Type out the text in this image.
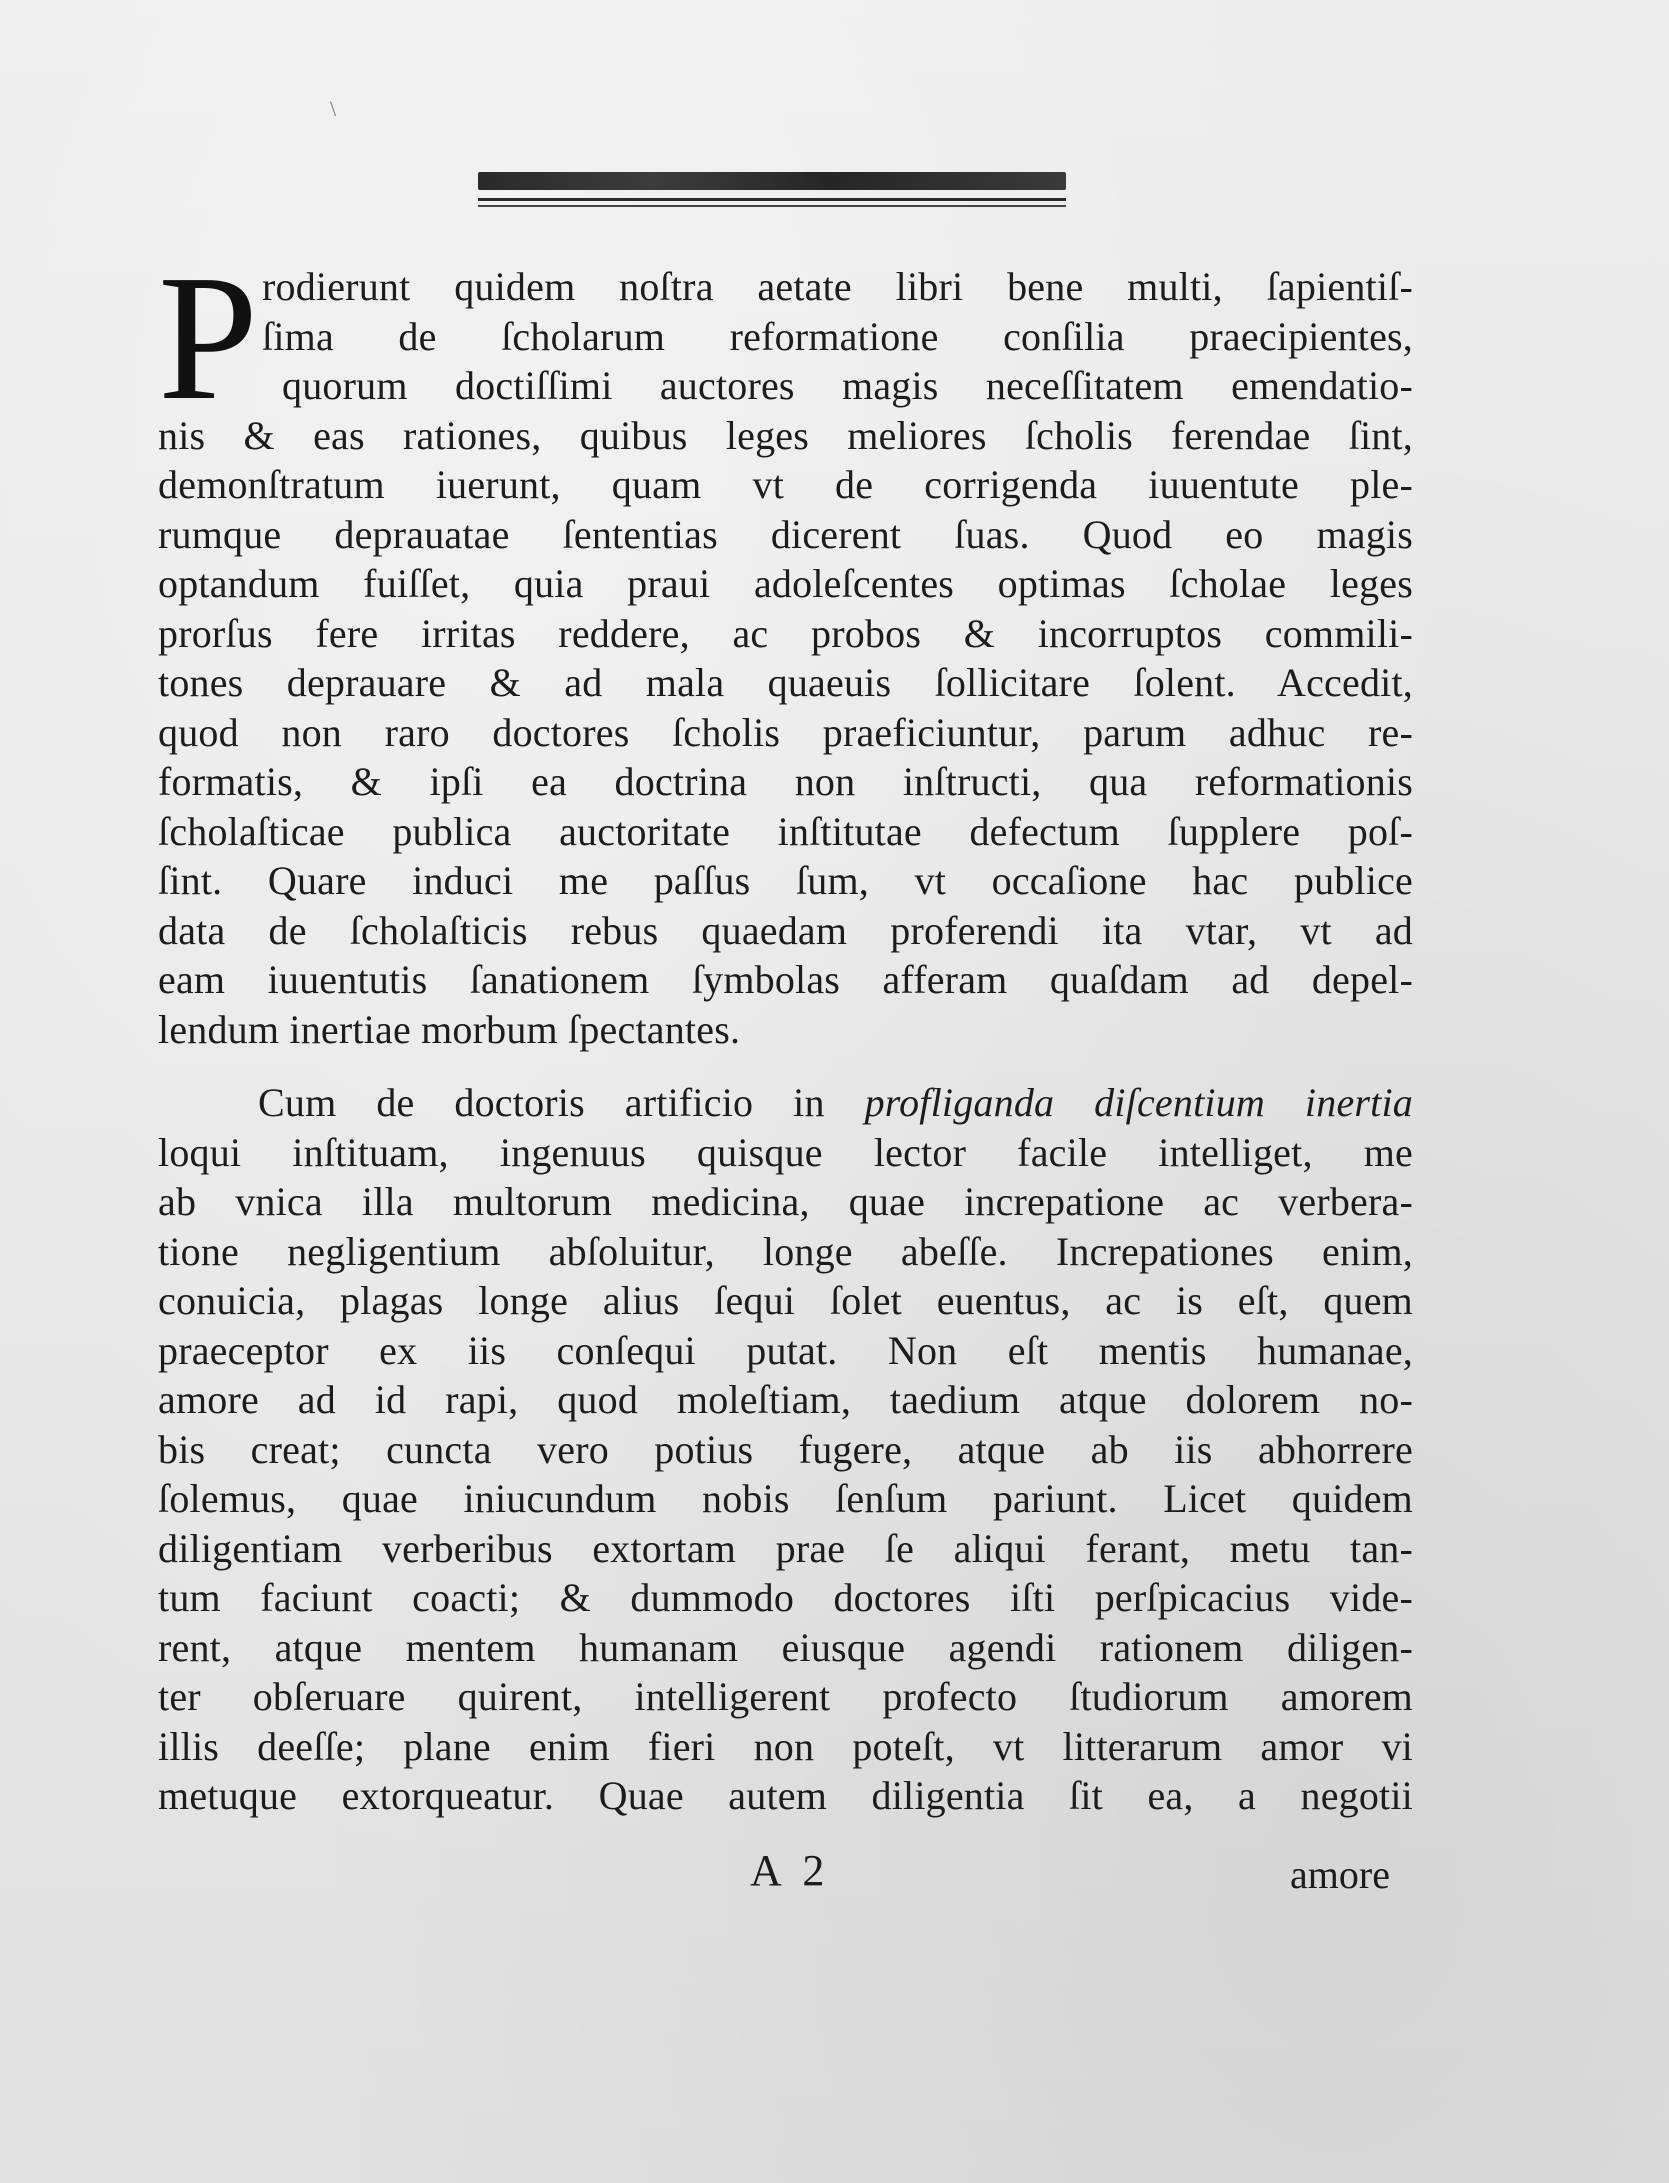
\
P rodierunt quidem noſtra aetate libri bene multi, ſapientiſ-
ſima de ſcholarum reformatione conſilia praecipientes,
quorum doctiſſimi auctores magis neceſſitatem emendatio-
nis & eas rationes, quibus leges meliores ſcholis ferendae ſint,
demonſtratum iuerunt, quam vt de corrigenda iuuentute ple-
rumque deprauatae ſententias dicerent ſuas. Quod eo magis
optandum fuiſſet, quia praui adoleſcentes optimas ſcholae leges
prorſus fere irritas reddere, ac probos & incorruptos commili-
tones deprauare & ad mala quaeuis ſollicitare ſolent. Accedit,
quod non raro doctores ſcholis praeficiuntur, parum adhuc re-
formatis, & ipſi ea doctrina non inſtructi, qua reformationis
ſcholaſticae publica auctoritate inſtitutae defectum ſupplere poſ-
ſint. Quare induci me paſſus ſum, vt occaſione hac publice
data de ſcholaſticis rebus quaedam proferendi ita vtar, vt ad
eam iuuentutis ſanationem ſymbolas afferam quaſdam ad depel-
lendum inertiae morbum ſpectantes.
Cum de doctoris artificio in profliganda diſcentium inertia
loqui inſtituam, ingenuus quisque lector facile intelliget, me
ab vnica illa multorum medicina, quae increpatione ac verbera-
tione negligentium abſoluitur, longe abeſſe. Increpationes enim,
conuicia, plagas longe alius ſequi ſolet euentus, ac is eſt, quem
praeceptor ex iis conſequi putat. Non eſt mentis humanae,
amore ad id rapi, quod moleſtiam, taedium atque dolorem no-
bis creat; cuncta vero potius fugere, atque ab iis abhorrere
ſolemus, quae iniucundum nobis ſenſum pariunt. Licet quidem
diligentiam verberibus extortam prae ſe aliqui ferant, metu tan-
tum faciunt coacti; & dummodo doctores iſti perſpicacius vide-
rent, atque mentem humanam eiusque agendi rationem diligen-
ter obſeruare quirent, intelligerent profecto ſtudiorum amorem
illis deeſſe; plane enim fieri non poteſt, vt litterarum amor vi
metuque extorqueatur. Quae autem diligentia ſit ea, a negotii
A 2	amore
